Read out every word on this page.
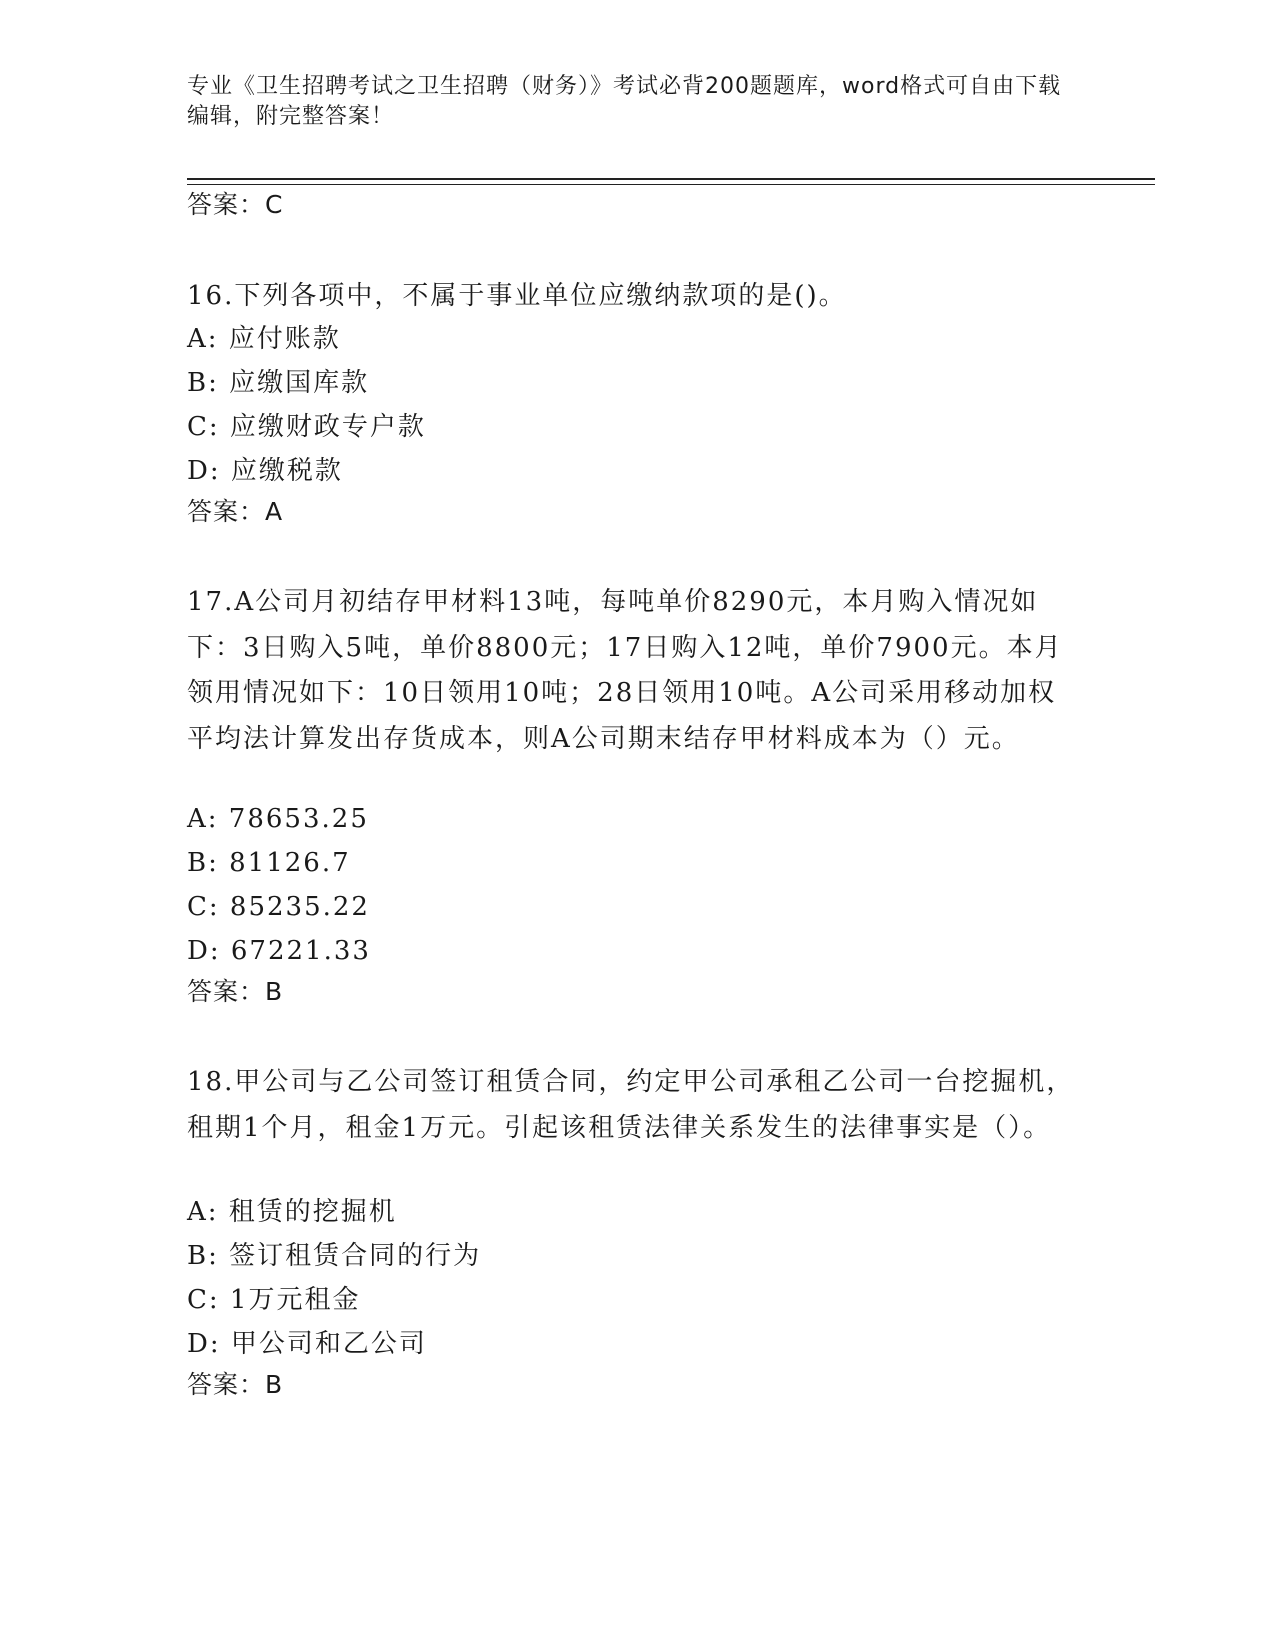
专业《卫生招聘考试之卫生招聘（财务）》考试必背200题题库，word格式可自由下载编辑，附完整答案！
答案：C
16.下列各项中，不属于事业单位应缴纳款项的是()。
A: 应付账款
B: 应缴国库款
C: 应缴财政专户款
D: 应缴税款
答案：A
17.A公司月初结存甲材料13吨，每吨单价8290元，本月购入情况如下：3日购入5吨，单价8800元；17日购入12吨，单价7900元。本月领用情况如下：10日领用10吨；28日领用10吨。A公司采用移动加权平均法计算发出存货成本，则A公司期末结存甲材料成本为（）元。
A: 78653.25
B: 81126.7
C: 85235.22
D: 67221.33
答案：B
18.甲公司与乙公司签订租赁合同，约定甲公司承租乙公司一台挖掘机，租期1个月，租金1万元。引起该租赁法律关系发生的法律事实是（）。
A: 租赁的挖掘机
B: 签订租赁合同的行为
C: 1万元租金
D: 甲公司和乙公司
答案：B
